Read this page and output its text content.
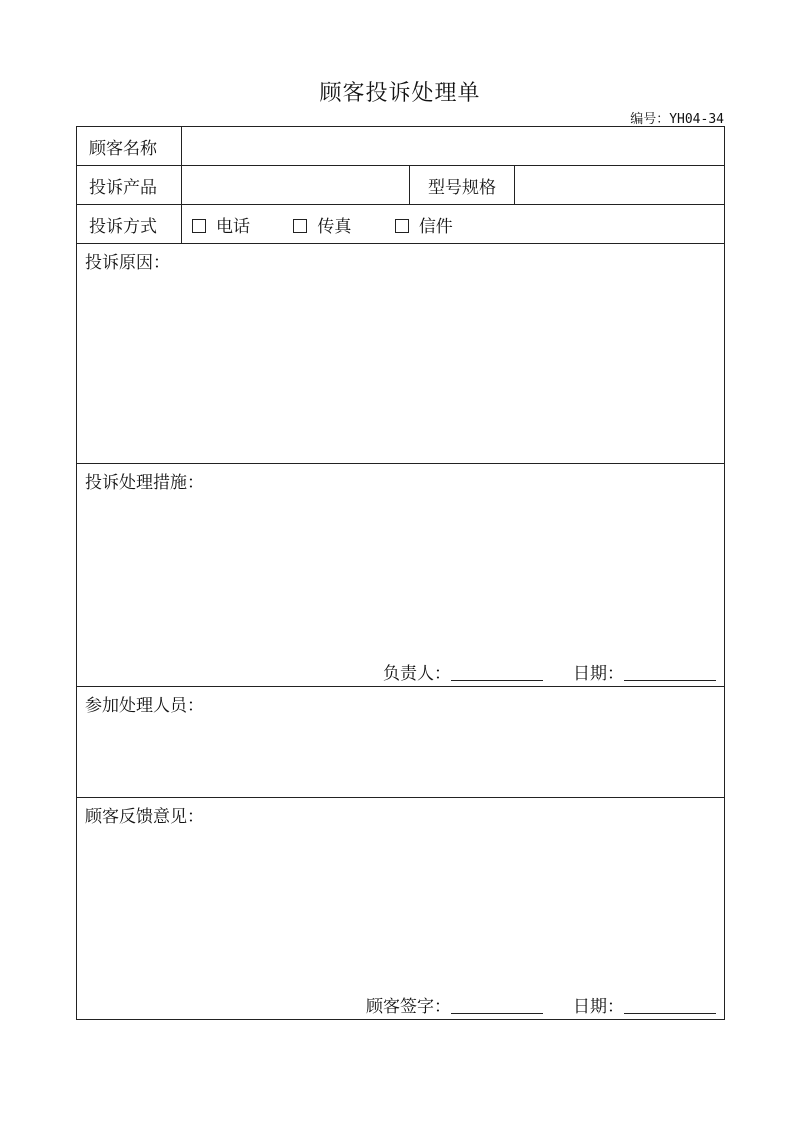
顾客投诉处理单
编号：YH04-34
顾客名称			
投诉产品		型号规格	
投诉方式	电话 传真 信件		

投诉原因：			

投诉处理措施：
负责人： 日期：			

参加处理人员：			

顾客反馈意见：
顾客签字： 日期：			
